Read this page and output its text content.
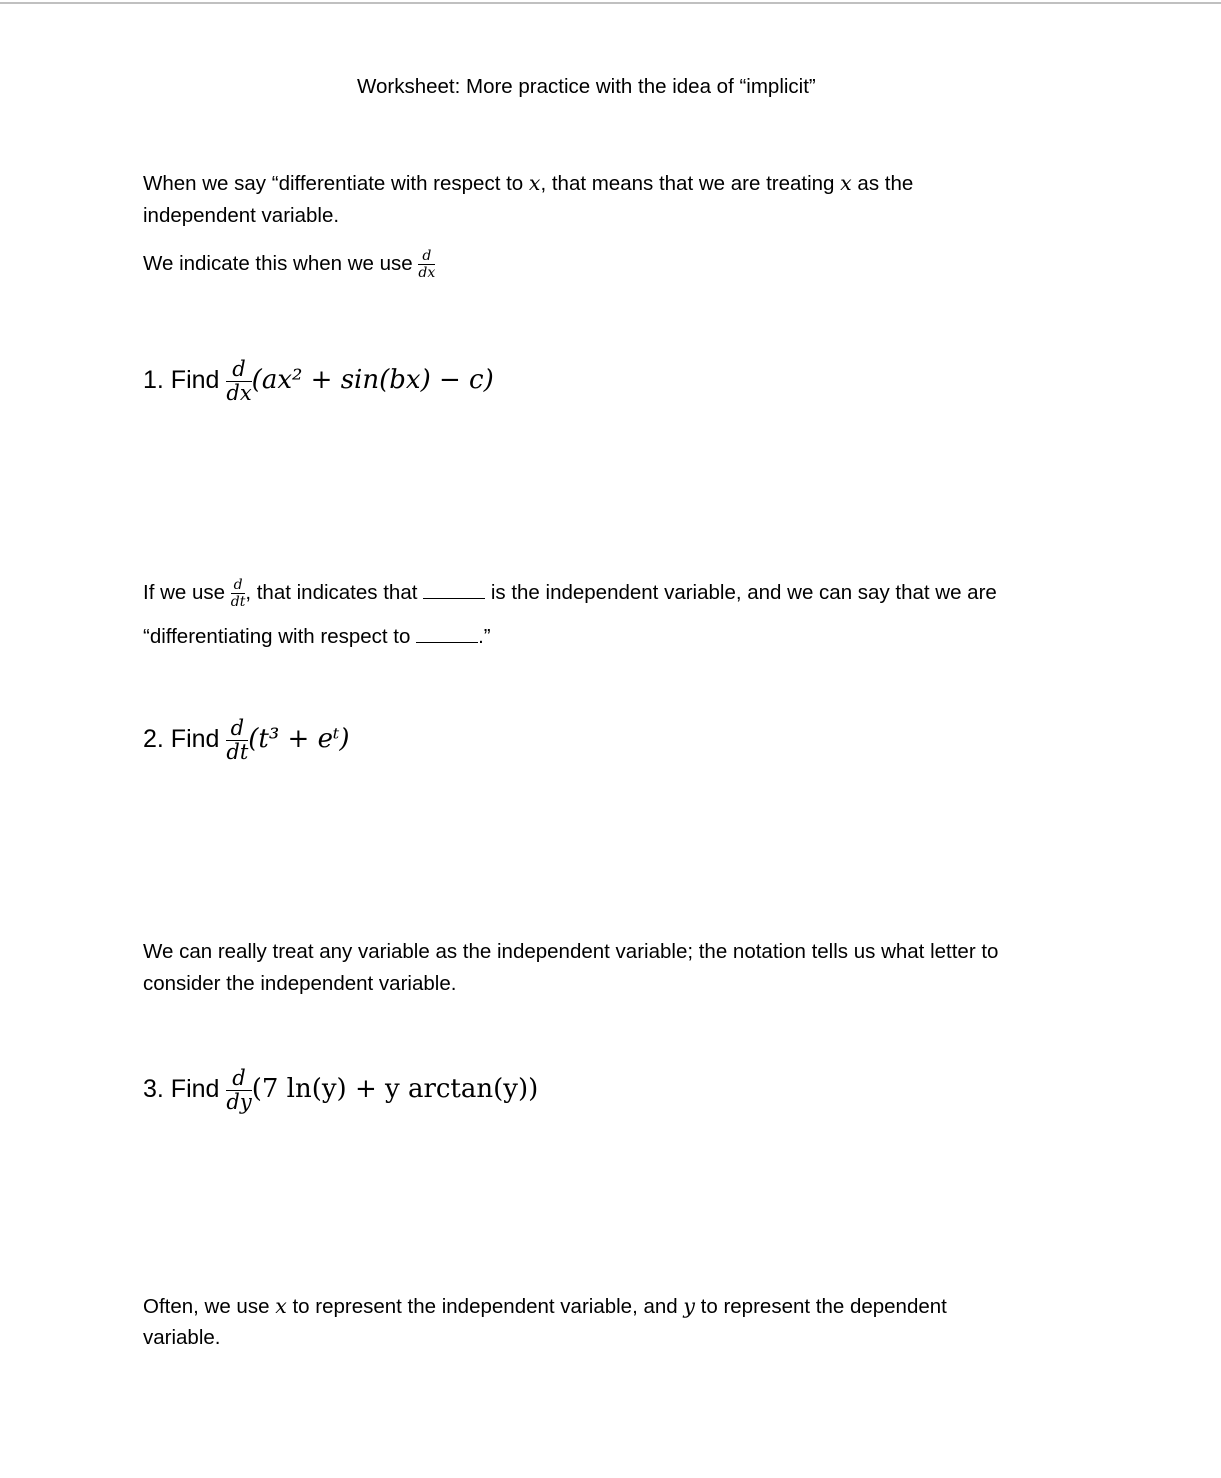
Worksheet: More practice with the idea of “implicit”
When we say “differentiate with respect to x, that means that we are treating x as the
independent variable.
We indicate this when we use $\frac{d}{dx}$
1. Find $\frac{d}{dx} (ax^2 + \sin(bx) - c)$
If we use $\frac{d}{dt}$ , that indicates that	is the independent variable, and we can say that we are
“differentiating with respect to	.”
2. Find $\frac{d}{dt} (t^3$ + eᵗ)
We can really treat any variable as the independent variable; the notation tells us what letter to
consider the independent variable.
3. Find $\frac{d}{dy} (7$ ln(y) + y arctan(y))
Often, we use x to represent the independent variable, and y to represent the dependent
variable.
